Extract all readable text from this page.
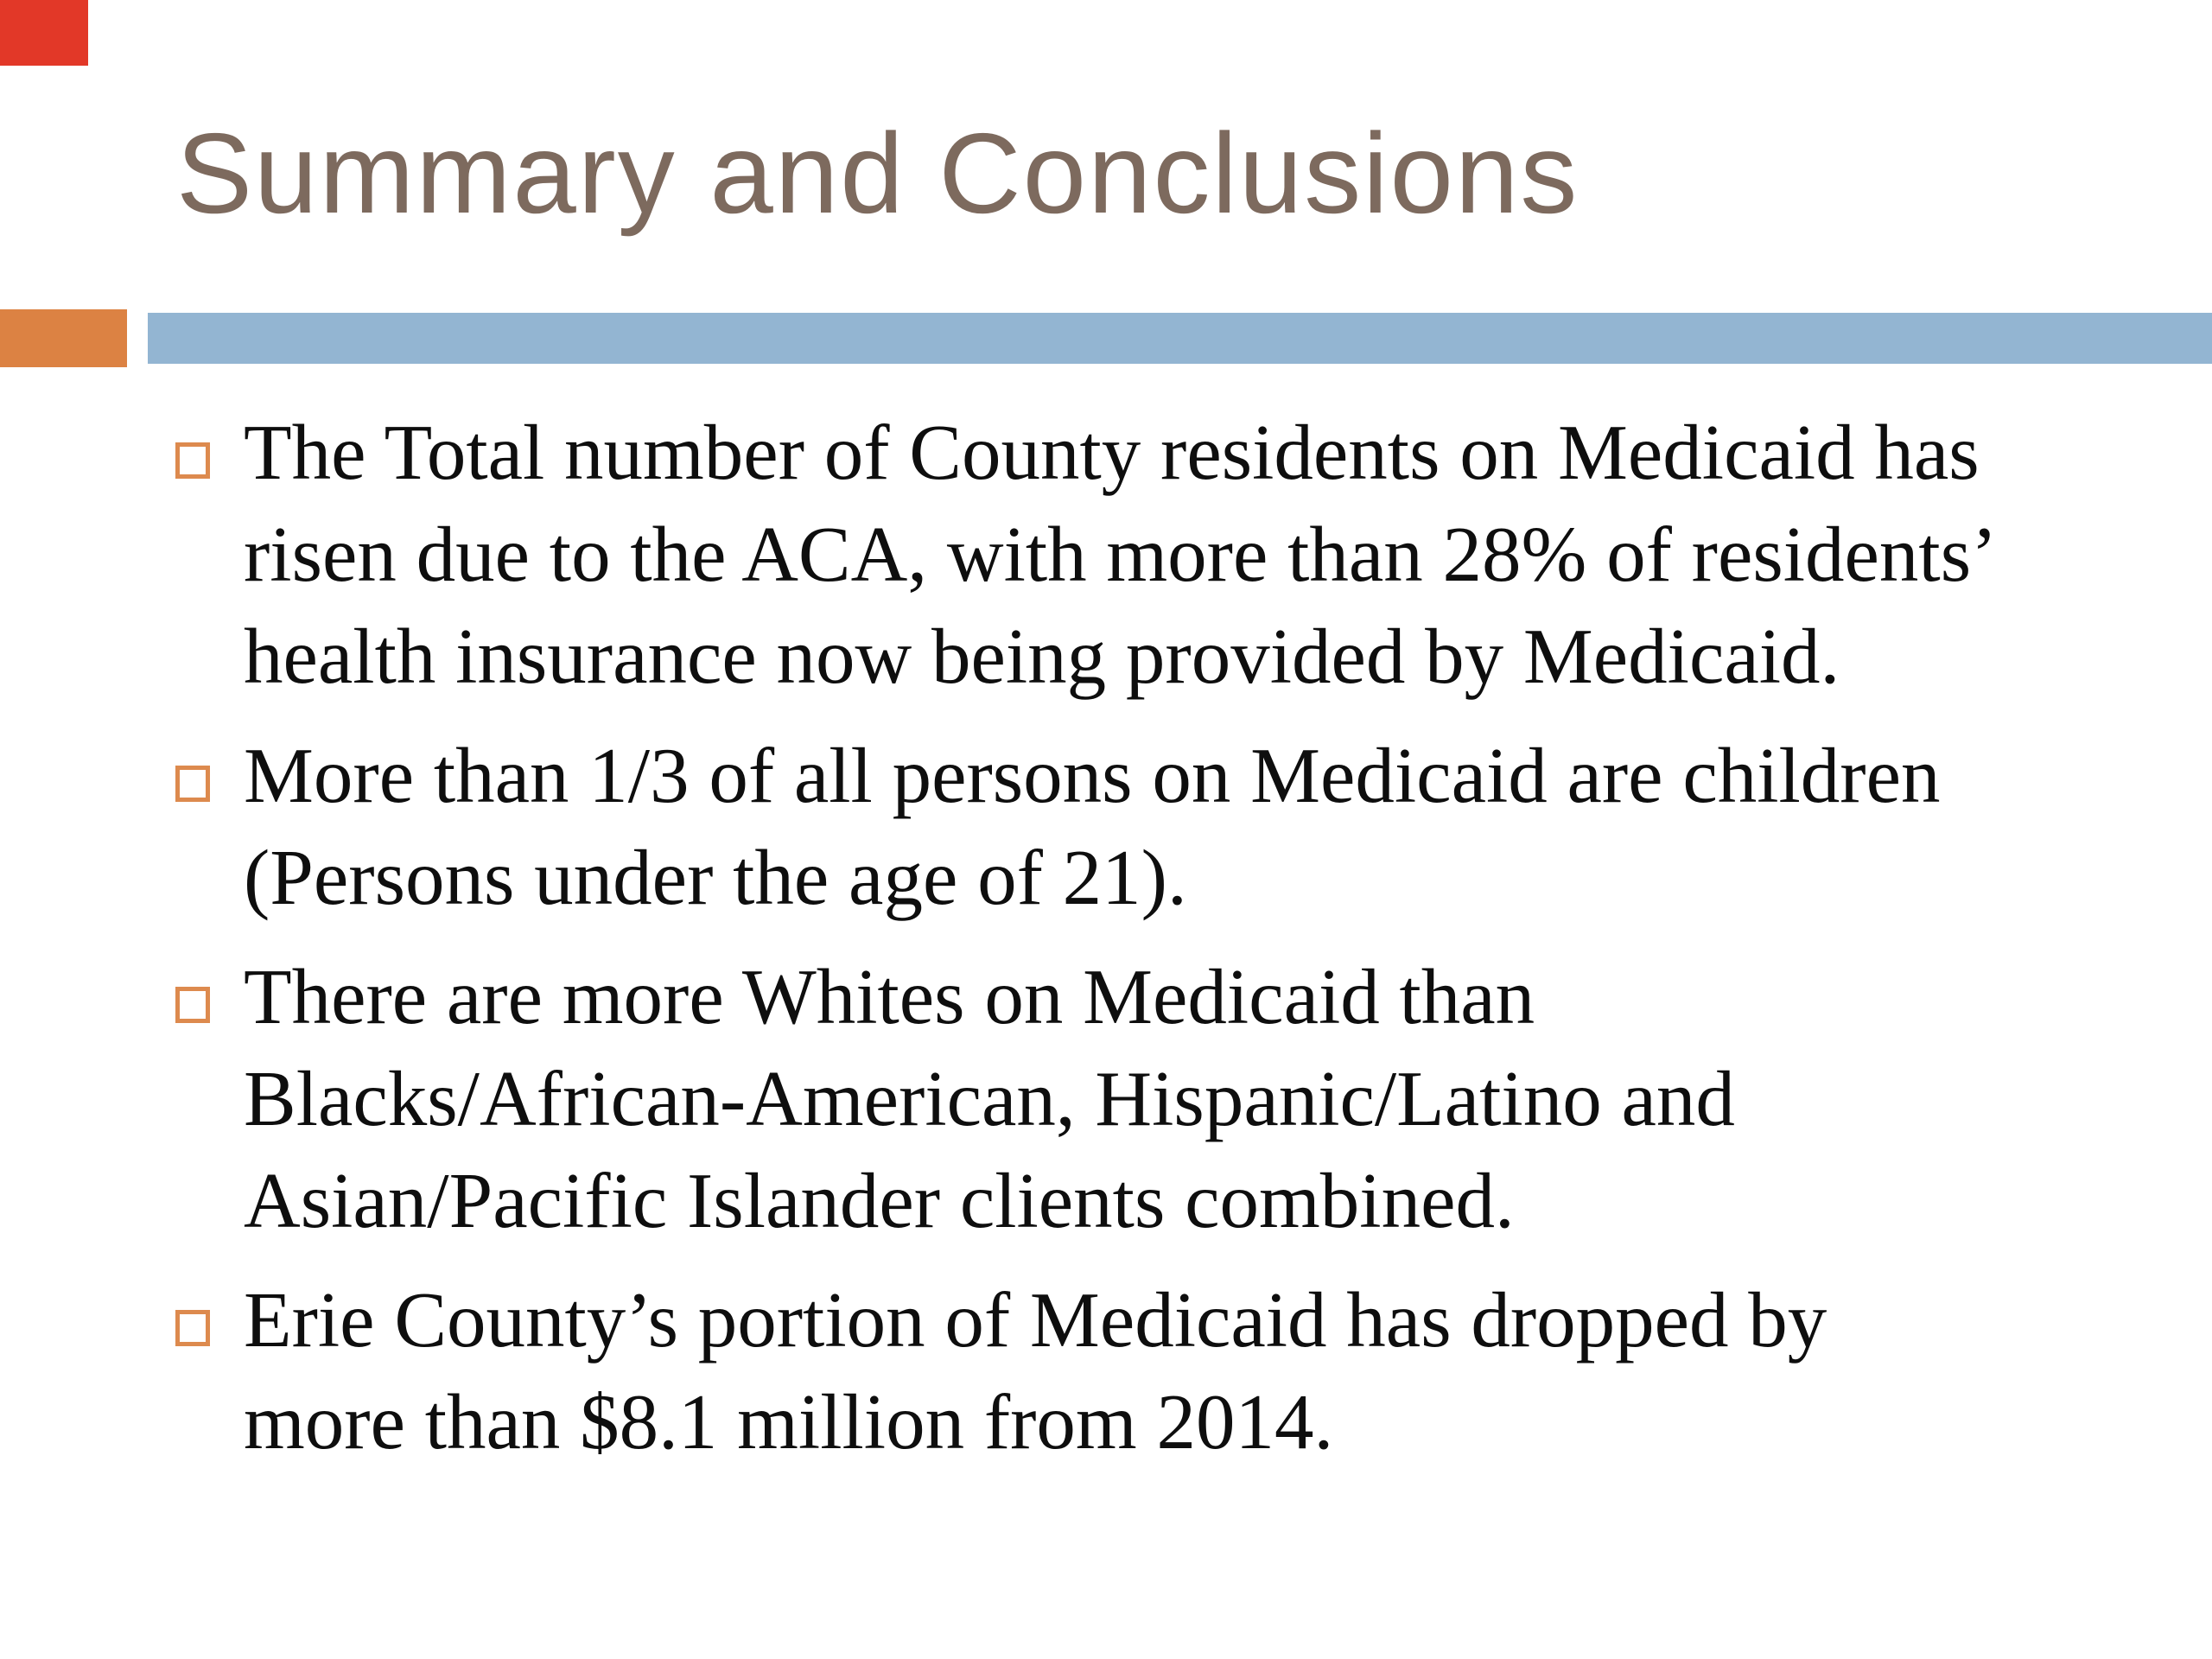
Summary and Conclusions
The Total number of County residents on Medicaid has
risen due to the ACA, with more than 28% of residents’
health insurance now being provided by Medicaid.
More than 1/3 of all persons on Medicaid are children
(Persons under the age of 21).
There are more Whites on Medicaid than
Blacks/African-American, Hispanic/Latino and
Asian/Pacific Islander clients combined.
Erie County’s portion of Medicaid has dropped by
more than $8.1 million from 2014.
